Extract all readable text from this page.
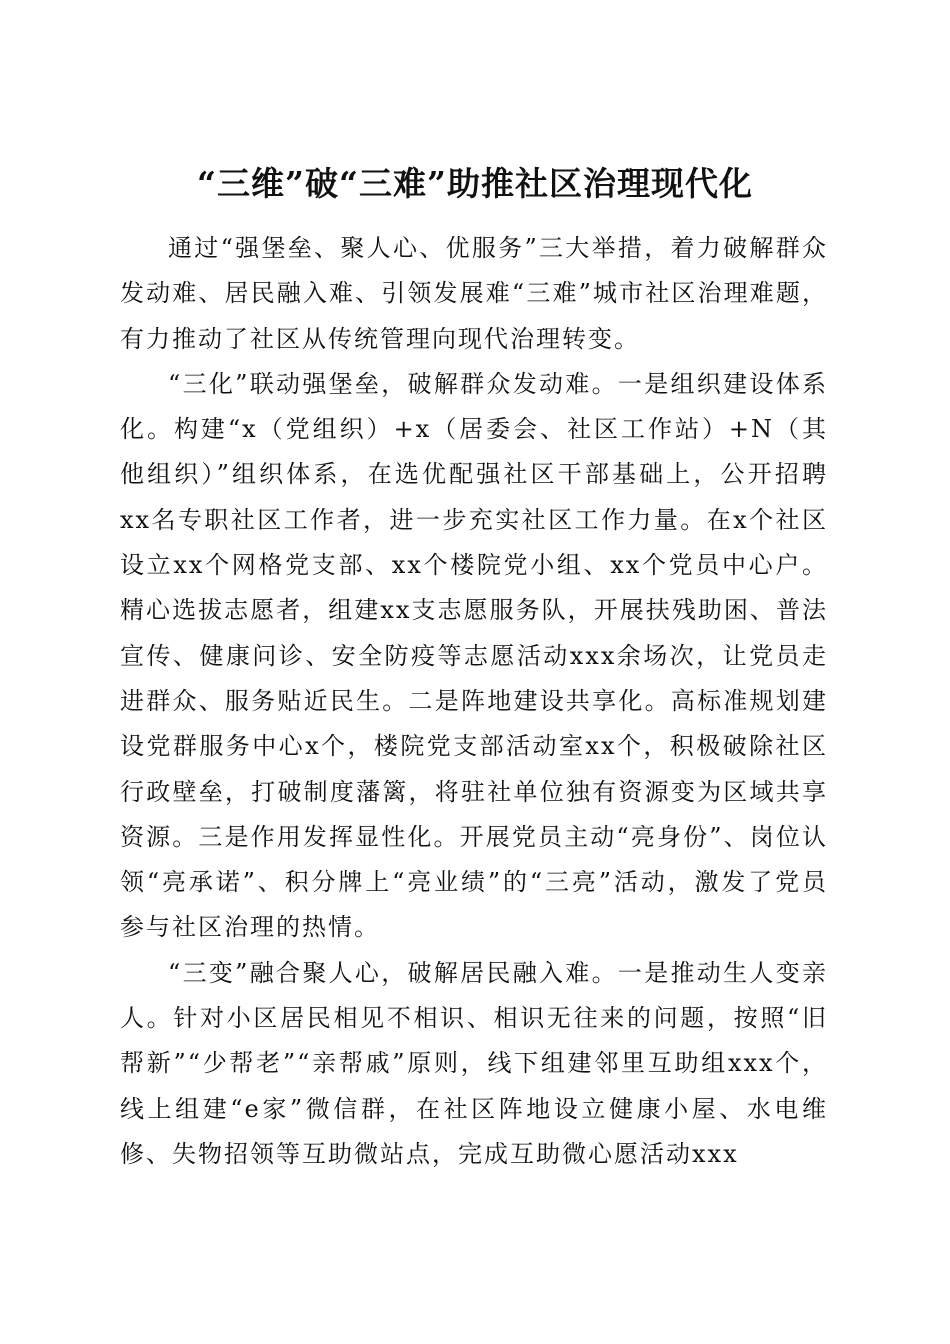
“三维”破“三难”助推社区治理现代化

通过“强堡垒、聚人心、优服务”三大举措，着力破解群众发动难、居民融入难、引领发展难“三难”城市社区治理难题，有力推动了社区从传统管理向现代治理转变。

“三化”联动强堡垒，破解群众发动难。一是组织建设体系化。构建“x（党组织）+x（居委会、社区工作站）+N（其他组织）”组织体系，在选优配强社区干部基础上，公开招聘xx名专职社区工作者，进一步充实社区工作力量。在x个社区设立xx个网格党支部、xx个楼院党小组、xx个党员中心户。精心选拔志愿者，组建xx支志愿服务队，开展扶残助困、普法宣传、健康问诊、安全防疫等志愿活动xxx余场次，让党员走进群众、服务贴近民生。二是阵地建设共享化。高标准规划建设党群服务中心x个，楼院党支部活动室xx个，积极破除社区行政壁垒，打破制度藩篱，将驻社单位独有资源变为区域共享资源。三是作用发挥显性化。开展党员主动“亮身份”、岗位认领“亮承诺”、积分牌上“亮业绩”的“三亮”活动，激发了党员参与社区治理的热情。

“三变”融合聚人心，破解居民融入难。一是推动生人变亲人。针对小区居民相见不相识、相识无往来的问题，按照“旧帮新”“少帮老”“亲帮戚”原则，线下组建邻里互助组xxx个，线上组建“e家”微信群，在社区阵地设立健康小屋、水电维修、失物招领等互助微站点，完成互助微心愿活动xxx
